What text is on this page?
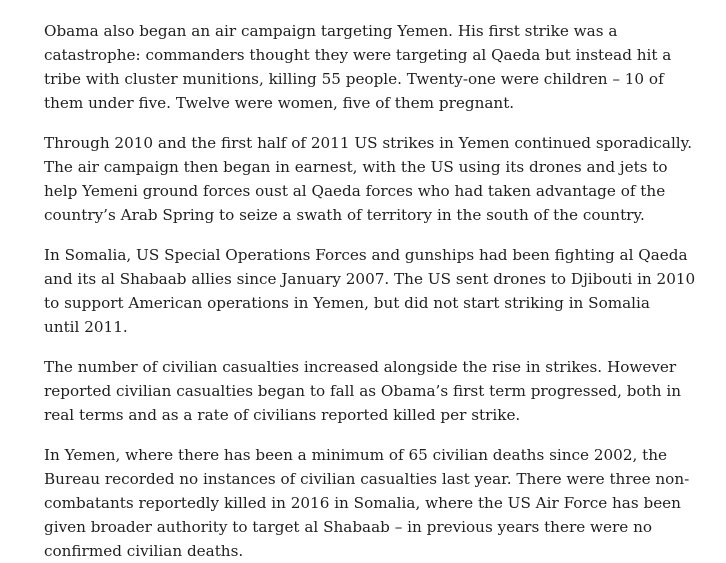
Obama also began an air campaign targeting Yemen. His first strike was a
catastrophe: commanders thought they were targeting al Qaeda but instead hit a
tribe with cluster munitions, killing 55 people. Twenty-one were children – 10 of
them under five. Twelve were women, five of them pregnant.

Through 2010 and the first half of 2011 US strikes in Yemen continued sporadically.
The air campaign then began in earnest, with the US using its drones and jets to
help Yemeni ground forces oust al Qaeda forces who had taken advantage of the
country’s Arab Spring to seize a swath of territory in the south of the country.

In Somalia, US Special Operations Forces and gunships had been fighting al Qaeda
and its al Shabaab allies since January 2007. The US sent drones to Djibouti in 2010
to support American operations in Yemen, but did not start striking in Somalia
until 2011.

The number of civilian casualties increased alongside the rise in strikes. However
reported civilian casualties began to fall as Obama’s first term progressed, both in
real terms and as a rate of civilians reported killed per strike.

In Yemen, where there has been a minimum of 65 civilian deaths since 2002, the
Bureau recorded no instances of civilian casualties last year. There were three non-
combatants reportedly killed in 2016 in Somalia, where the US Air Force has been
given broader authority to target al Shabaab – in previous years there were no
confirmed civilian deaths.
